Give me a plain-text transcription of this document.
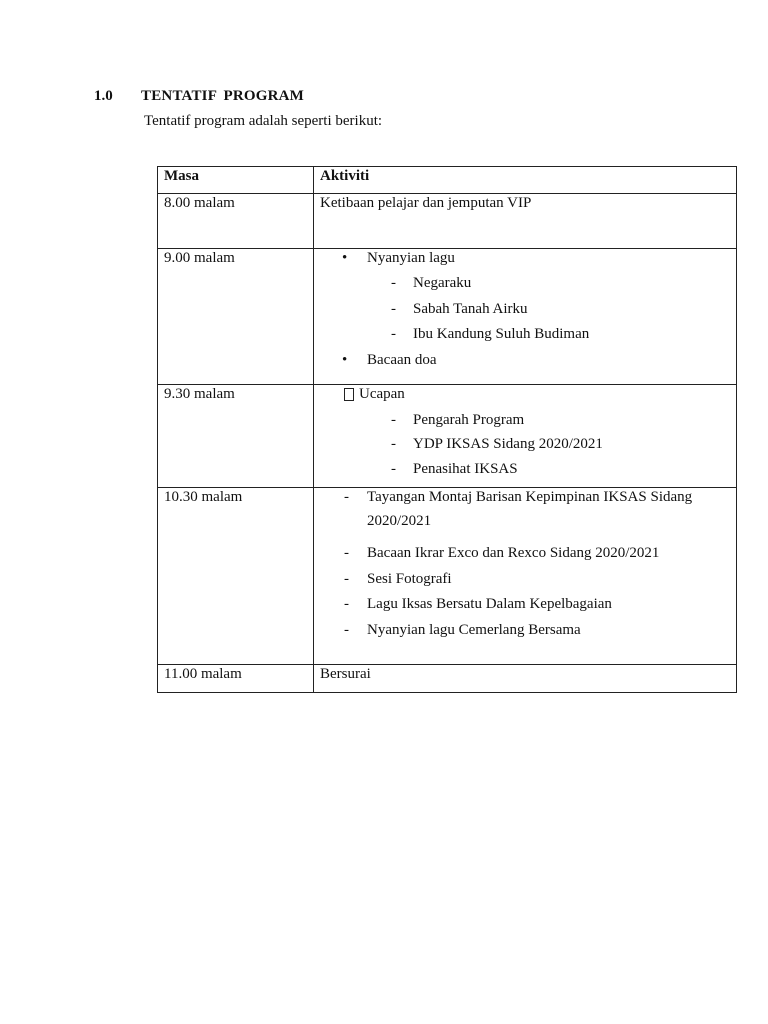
1.0 TENTATIF PROGRAM
Tentatif program adalah seperti berikut:
Masa	Aktiviti
8.00 malam	Ketibaan pelajar dan jemputan VIP
9.00 malam	• Nyanyian lagu
- Negaraku
- Sabah Tanah Airku
- Ibu Kandung Suluh Budiman
• Bacaan doa
9.30 malam	Ucapan
- Pengarah Program
- YDP IKSAS Sidang 2020/2021
- Penasihat IKSAS
10.30 malam	- Tayangan Montaj Barisan Kepimpinan IKSAS Sidang
2020/2021
- Bacaan Ikrar Exco dan Rexco Sidang 2020/2021
- Sesi Fotografi
- Lagu Iksas Bersatu Dalam Kepelbagaian
- Nyanyian lagu Cemerlang Bersama
11.00 malam	Bersurai
